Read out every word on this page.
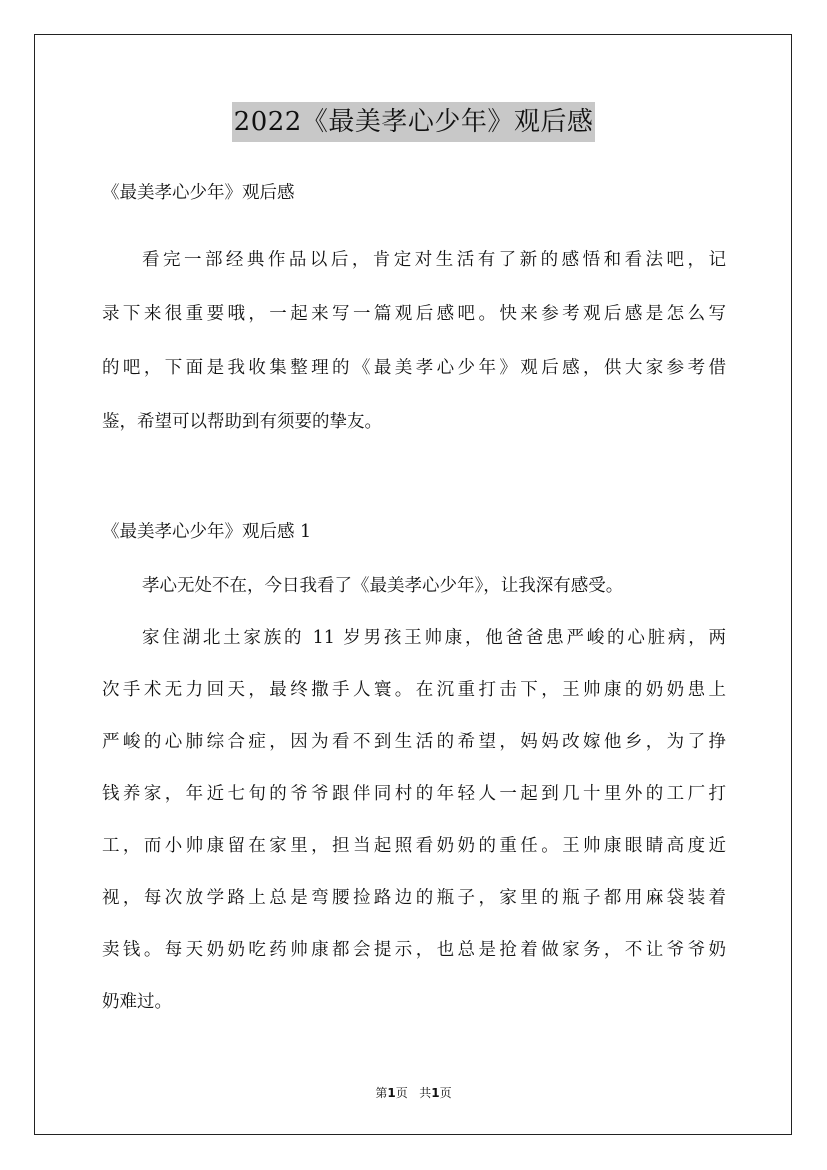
2022《最美孝心少年》观后感
《最美孝心少年》观后感
看完一部经典作品以后，肯定对生活有了新的感悟和看法吧，记
录下来很重要哦，一起来写一篇观后感吧。快来参考观后感是怎么写
的吧，下面是我收集整理的《最美孝心少年》观后感，供大家参考借
鉴，希望可以帮助到有须要的挚友。
《最美孝心少年》观后感 1
孝心无处不在，今日我看了《最美孝心少年》，让我深有感受。
家住湖北土家族的 11 岁男孩王帅康，他爸爸患严峻的心脏病，两
次手术无力回天，最终撒手人寰。在沉重打击下，王帅康的奶奶患上
严峻的心肺综合症，因为看不到生活的希望，妈妈改嫁他乡，为了挣
钱养家，年近七旬的爷爷跟伴同村的年轻人一起到几十里外的工厂打
工，而小帅康留在家里，担当起照看奶奶的重任。王帅康眼睛高度近
视，每次放学路上总是弯腰捡路边的瓶子，家里的瓶子都用麻袋装着
卖钱。每天奶奶吃药帅康都会提示，也总是抢着做家务，不让爷爷奶
奶难过。
第1页 共1页
